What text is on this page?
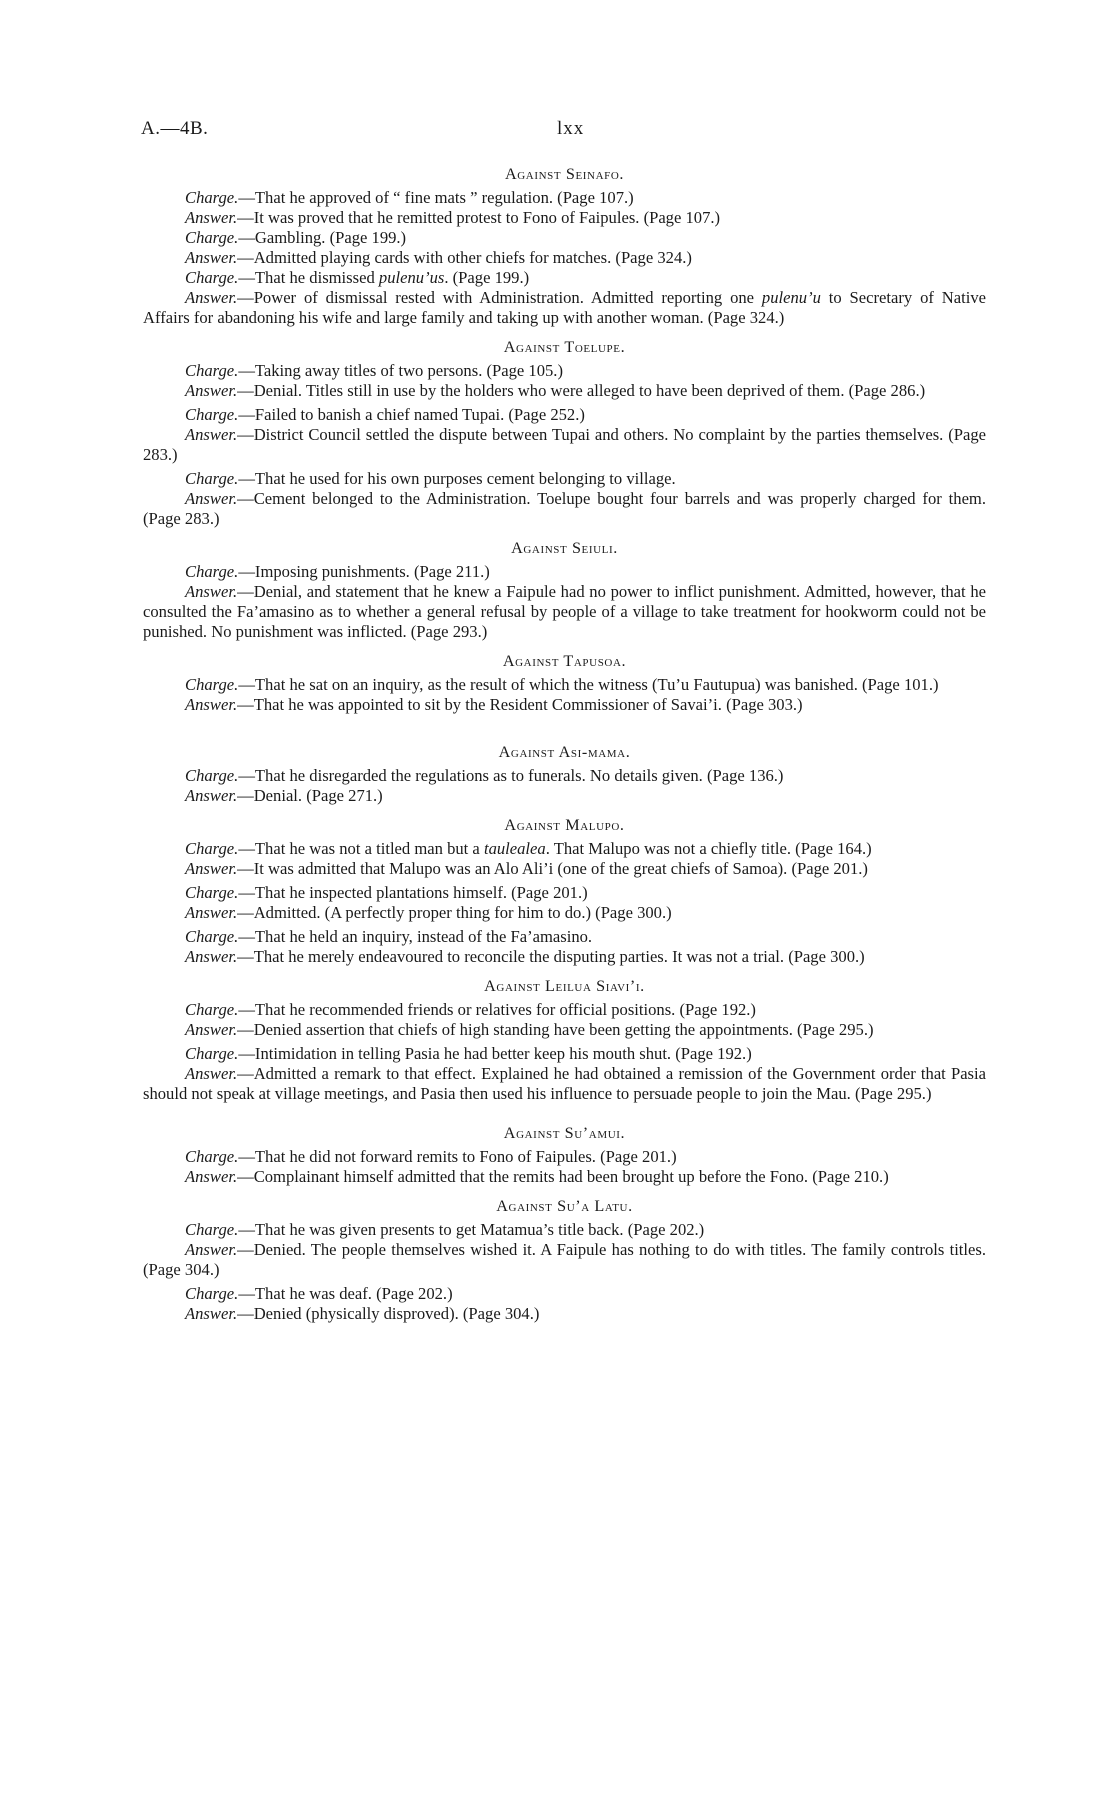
A.—4B.	lxx
Against Seinafo.

Charge.—That he approved of “ fine mats ” regulation. (Page 107.)

Answer.—It was proved that he remitted protest to Fono of Faipules. (Page 107.)

Charge.—Gambling. (Page 199.)

Answer.—Admitted playing cards with other chiefs for matches. (Page 324.)

Charge.—That he dismissed pulenu’us. (Page 199.)

Answer.—Power of dismissal rested with Administration. Admitted reporting one pulenu’u to Secretary of Native Affairs for abandoning his wife and large family and taking up with another woman. (Page 324.)

Against Toelupe.

Charge.—Taking away titles of two persons. (Page 105.)

Answer.—Denial. Titles still in use by the holders who were alleged to have been deprived of them. (Page 286.)

Charge.—Failed to banish a chief named Tupai. (Page 252.)

Answer.—District Council settled the dispute between Tupai and others. No complaint by the parties themselves. (Page 283.)

Charge.—That he used for his own purposes cement belonging to village.

Answer.—Cement belonged to the Administration. Toelupe bought four barrels and was properly charged for them. (Page 283.)

Against Seiuli.

Charge.—Imposing punishments. (Page 211.)

Answer.—Denial, and statement that he knew a Faipule had no power to inflict punishment. Admitted, however, that he consulted the Fa’amasino as to whether a general refusal by people of a village to take treatment for hookworm could not be punished. No punishment was inflicted. (Page 293.)

Against Tapusoa.

Charge.—That he sat on an inquiry, as the result of which the witness (Tu’u Fautupua) was banished. (Page 101.)

Answer.—That he was appointed to sit by the Resident Commissioner of Savai’i. (Page 303.)

Against Asi-mama.

Charge.—That he disregarded the regulations as to funerals. No details given. (Page 136.)

Answer.—Denial. (Page 271.)

Against Malupo.

Charge.—That he was not a titled man but a taulealea. That Malupo was not a chiefly title. (Page 164.)

Answer.—It was admitted that Malupo was an Alo Ali’i (one of the great chiefs of Samoa). (Page 201.)

Charge.—That he inspected plantations himself. (Page 201.)

Answer.—Admitted. (A perfectly proper thing for him to do.) (Page 300.)

Charge.—That he held an inquiry, instead of the Fa’amasino.

Answer.—That he merely endeavoured to reconcile the disputing parties. It was not a trial. (Page 300.)

Against Leilua Siavi’i.

Charge.—That he recommended friends or relatives for official positions. (Page 192.)

Answer.—Denied assertion that chiefs of high standing have been getting the appointments. (Page 295.)

Charge.—Intimidation in telling Pasia he had better keep his mouth shut. (Page 192.)

Answer.—Admitted a remark to that effect. Explained he had obtained a remission of the Government order that Pasia should not speak at village meetings, and Pasia then used his influence to persuade people to join the Mau. (Page 295.)

Against Su’amui.

Charge.—That he did not forward remits to Fono of Faipules. (Page 201.)

Answer.—Complainant himself admitted that the remits had been brought up before the Fono. (Page 210.)

Against Su’a Latu.

Charge.—That he was given presents to get Matamua’s title back. (Page 202.)

Answer.—Denied. The people themselves wished it. A Faipule has nothing to do with titles. The family controls titles. (Page 304.)

Charge.—That he was deaf. (Page 202.)

Answer.—Denied (physically disproved). (Page 304.)
